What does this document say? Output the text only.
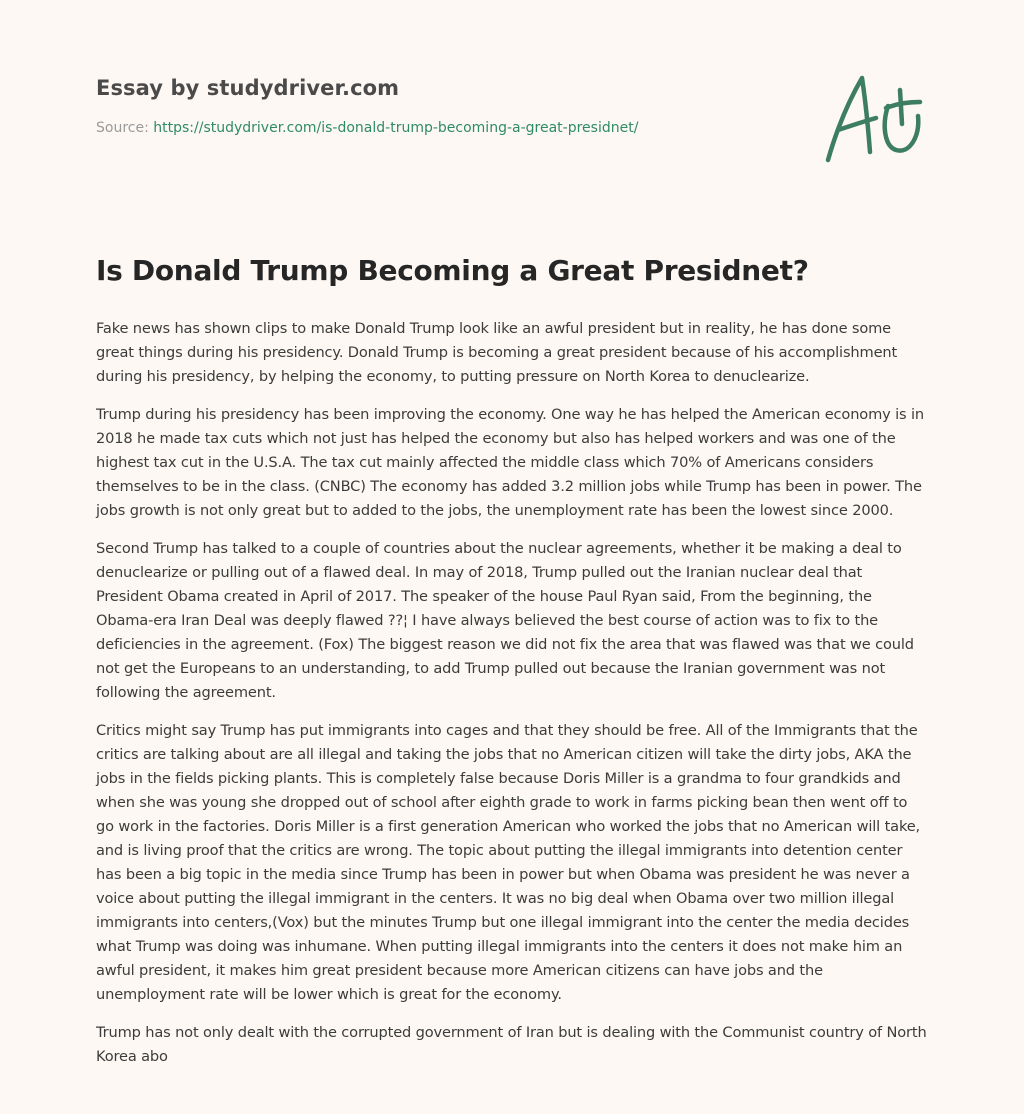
Essay by studydriver.com
Source: https://studydriver.com/is-donald-trump-becoming-a-great-presidnet/
Is Donald Trump Becoming a Great Presidnet?

Fake news has shown clips to make Donald Trump look like an awful president but in reality, he has done some great things during his presidency. Donald Trump is becoming a great president because of his accomplishment during his presidency, by helping the economy, to putting pressure on North Korea to denuclearize.

Trump during his presidency has been improving the economy. One way he has helped the American economy is in 2018 he made tax cuts which not just has helped the economy but also has helped workers and was one of the highest tax cut in the U.S.A. The tax cut mainly affected the middle class which 70% of Americans considers themselves to be in the class. (CNBC) The economy has added 3.2 million jobs while Trump has been in power. The jobs growth is not only great but to added to the jobs, the unemployment rate has been the lowest since 2000.

Second Trump has talked to a couple of countries about the nuclear agreements, whether it be making a deal to denuclearize or pulling out of a flawed deal. In may of 2018, Trump pulled out the Iranian nuclear deal that President Obama created in April of 2017. The speaker of the house Paul Ryan said, From the beginning, the Obama-era Iran Deal was deeply flawed ??¦ I have always believed the best course of action was to fix to the deficiencies in the agreement. (Fox) The biggest reason we did not fix the area that was flawed was that we could not get the Europeans to an understanding, to add Trump pulled out because the Iranian government was not following the agreement.

Critics might say Trump has put immigrants into cages and that they should be free. All of the Immigrants that the critics are talking about are all illegal and taking the jobs that no American citizen will take the dirty jobs, AKA the jobs in the fields picking plants. This is completely false because Doris Miller is a grandma to four grandkids and when she was young she dropped out of school after eighth grade to work in farms picking bean then went off to go work in the factories. Doris Miller is a first generation American who worked the jobs that no American will take, and is living proof that the critics are wrong. The topic about putting the illegal immigrants into detention center has been a big topic in the media since Trump has been in power but when Obama was president he was never a voice about putting the illegal immigrant in the centers. It was no big deal when Obama over two million illegal immigrants into centers,(Vox) but the minutes Trump but one illegal immigrant into the center the media decides what Trump was doing was inhumane. When putting illegal immigrants into the centers it does not make him an awful president, it makes him great president because more American citizens can have jobs and the unemployment rate will be lower which is great for the economy.

Trump has not only dealt with the corrupted government of Iran but is dealing with the Communist country of North Korea abo
